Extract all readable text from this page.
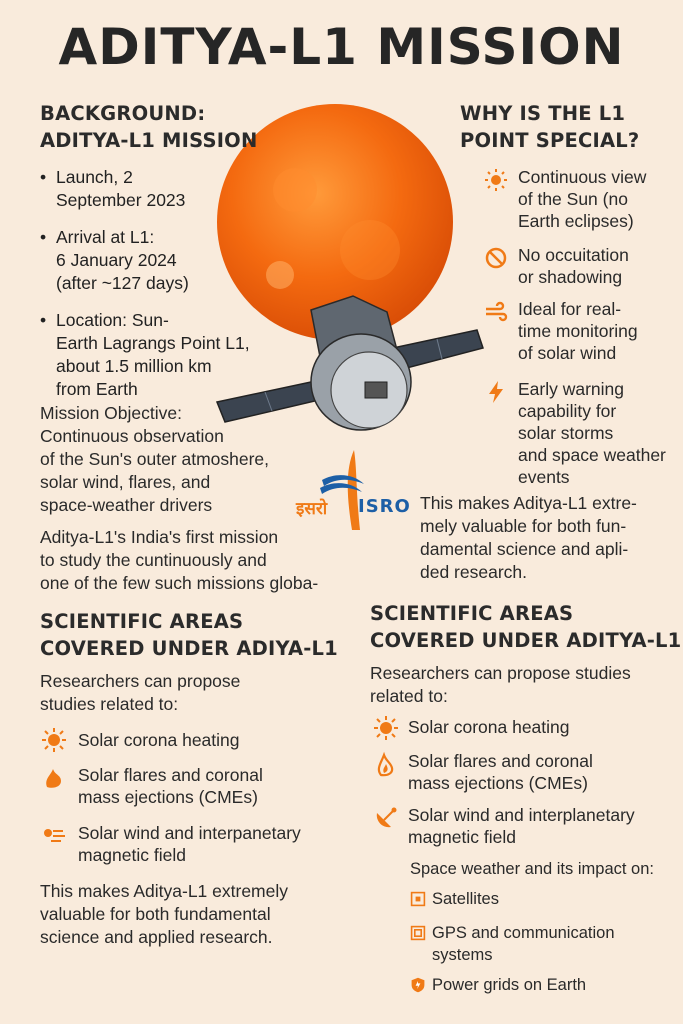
ADITYA-L1 MISSION
इसरो ISRO
BACKGROUND:
ADITYA-L1 MISSION
• Launch, 2
September 2023
• Arrival at L1:
6 January 2024
(after ~127 days)
• Location: Sun-
Earth Lagrangs Point L1,
about 1.5 million km
from Earth
Mission Objective:
Continuous observation
of the Sun's outer atmoshere,
solar wind, flares, and
space-weather drivers
Aditya-L1's India's first mission
to study the cuntinuously and
one of the few such missions globa-
WHY IS THE L1
POINT SPECIAL?
Continuous view
of the Sun (no
Earth eclipses)
No occuitation
or shadowing
Ideal for real-
time monitoring
of solar wind
Early warning
capability for
solar storms
and space weather
events
This makes Aditya-L1 extre-
mely valuable for both fun-
damental science and apli-
ded research.
SCIENTIFIC AREAS
COVERED UNDER ADIYA-L1
Researchers can propose
studies related to:
Solar corona heating
Solar flares and coronal
mass ejections (CMEs)
Solar wind and interpanetary
magnetic field
This makes Aditya-L1 extremely
valuable for both fundamental
science and applied research.
SCIENTIFIC AREAS
COVERED UNDER ADITYA-L1
Researchers can propose studies
related to:
Solar corona heating
Solar flares and coronal
mass ejections (CMEs)
Solar wind and interplanetary
magnetic field
Space weather and its impact on:
Satellites
GPS and communication
systems
Power grids on Earth
